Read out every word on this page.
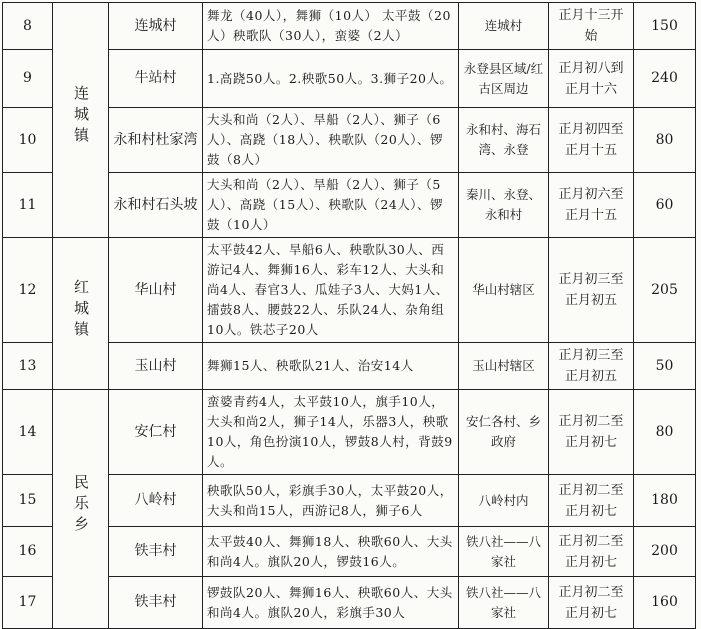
8	连城镇	连城村	舞龙（40人），舞狮（10人） 太平鼓（20人）秧歌队（30人），蛮婆（2人）	连城村	正月十三开始	150
9		牛站村	1.高跷50人。2.秧歌50人。3.狮子20人。	永登县区域/红古区周边	正月初八到正月十六	240
10		永和村杜家湾	大头和尚（2人）、旱船（2人）、狮子（6人）、高跷（18人）、秧歌队（20人）、锣鼓（8人）	永和村、海石湾、永登	正月初四至正月十五	80
11		永和村石头坡	大头和尚（2人）、旱船（2人）、狮子（5人）、高跷（15人）、秧歌队（24人）、锣鼓（10人）	秦川、永登、永和村	正月初六至正月十五	60
12	红城镇	华山村	太平鼓42人、旱船6人、秧歌队30人、西游记4人、舞狮16人、彩车12人、大头和尚4人、春官3人、瓜娃子3人、大妈1人、擂鼓8人、腰鼓22人、乐队24人、杂角组10人。铁芯子20人	华山村辖区	正月初三至正月初五	205
13		玉山村	舞狮15人、秧歌队21人、治安14人	玉山村辖区	正月初三至正月初五	50
14	民乐乡	安仁村	蛮婆青药4人，太平鼓10人，旗手10人，大头和尚2人，狮子14人，乐器3人，秧歌10人，角色扮演10人，锣鼓8人村，背鼓9人。	安仁各村、乡政府	正月初二至正月初七	80
15		八岭村	秧歌队50人，彩旗手30人，太平鼓20人，大头和尚15人，西游记8人，狮子6人	八岭村内	正月初二至正月初七	180
16		铁丰村	太平鼓40人、舞狮18人、秧歌60人、大头和尚4人。旗队20人，锣鼓16人。	铁八社——八家社	正月初二至正月初七	200
17		铁丰村	锣鼓队20人、舞狮16人、秧歌60人、大头和尚4人。旗队20人，彩旗手30人	铁八社——八家社	正月初二至正月初七	160
